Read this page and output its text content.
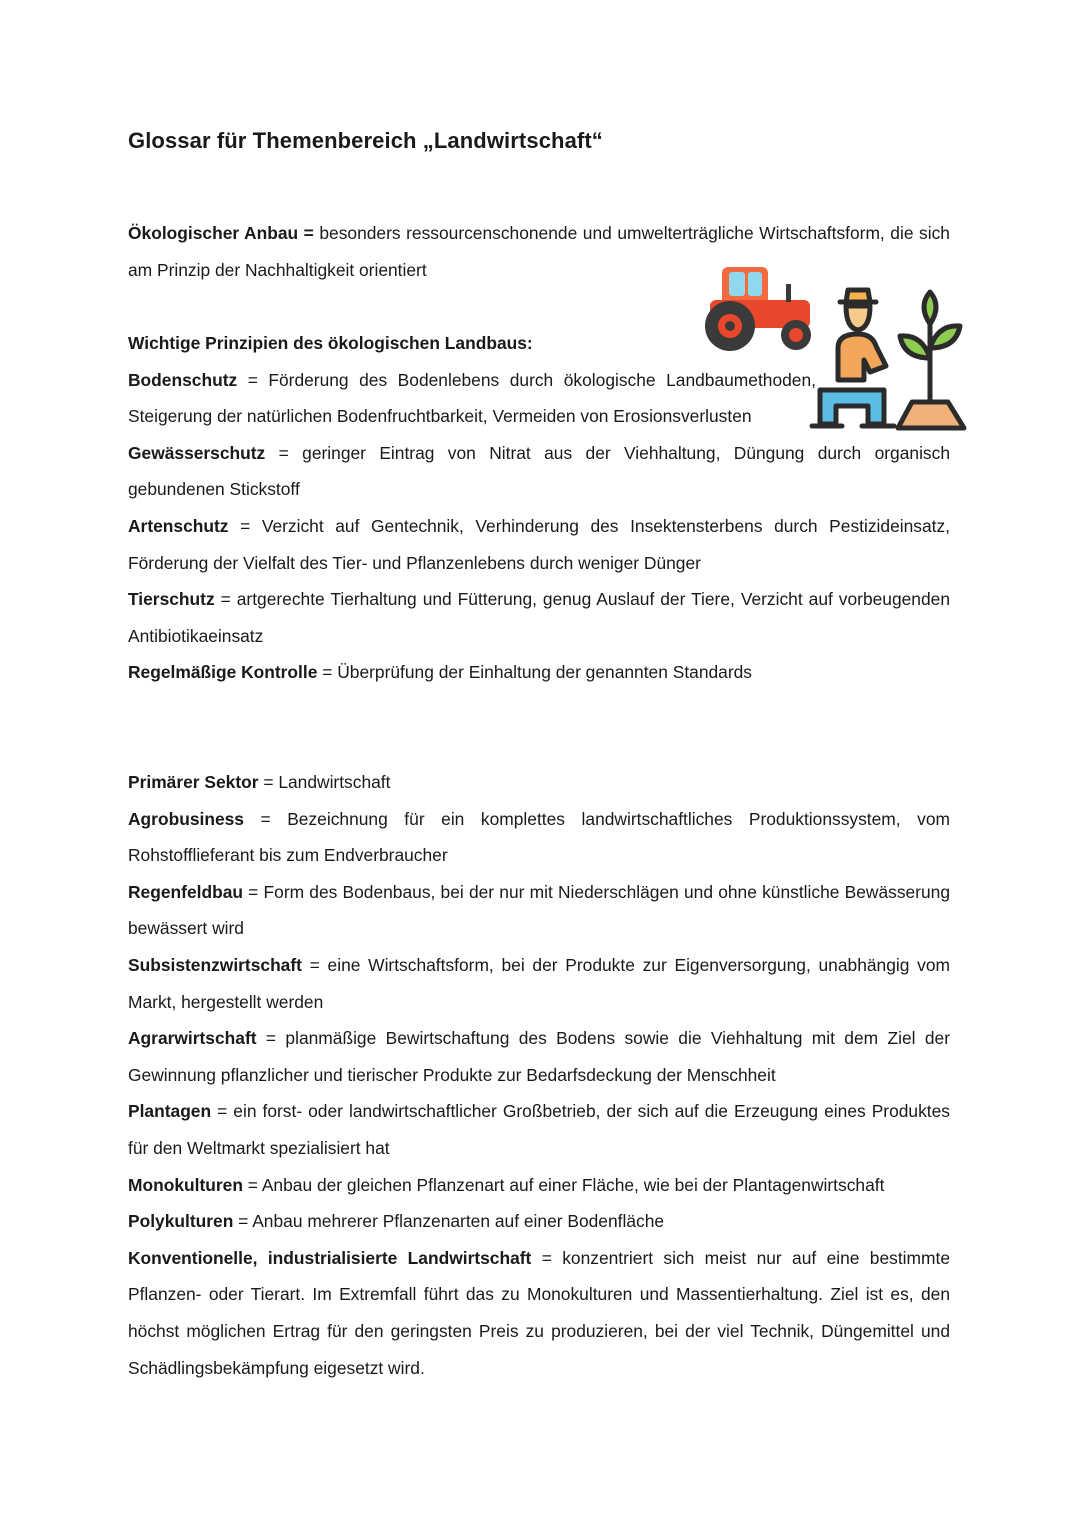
Glossar für Themenbereich „Landwirtschaft“

Ökologischer Anbau = besonders ressourcenschonende und umwelterträgliche Wirtschaftsform, die sich am Prinzip der Nachhaltigkeit orientiert

Wichtige Prinzipien des ökologischen Landbaus:

Bodenschutz = Förderung des Bodenlebens durch ökologische Landbaumethoden, Steigerung der natürlichen Bodenfruchtbarkeit, Vermeiden von Erosionsverlusten

Gewässerschutz = geringer Eintrag von Nitrat aus der Viehhaltung, Düngung durch organisch gebundenen Stickstoff

Artenschutz = Verzicht auf Gentechnik, Verhinderung des Insektensterbens durch Pestizideinsatz, Förderung der Vielfalt des Tier- und Pflanzenlebens durch weniger Dünger

Tierschutz = artgerechte Tierhaltung und Fütterung, genug Auslauf der Tiere, Verzicht auf vorbeugenden Antibiotikaeinsatz

Regelmäßige Kontrolle = Überprüfung der Einhaltung der genannten Standards

Primärer Sektor = Landwirtschaft

Agrobusiness = Bezeichnung für ein komplettes landwirtschaftliches Produktionssystem, vom Rohstofflieferant bis zum Endverbraucher

Regenfeldbau = Form des Bodenbaus, bei der nur mit Niederschlägen und ohne künstliche Bewässerung bewässert wird

Subsistenzwirtschaft = eine Wirtschaftsform, bei der Produkte zur Eigenversorgung, unabhängig vom Markt, hergestellt werden

Agrarwirtschaft = planmäßige Bewirtschaftung des Bodens sowie die Viehhaltung mit dem Ziel der Gewinnung pflanzlicher und tierischer Produkte zur Bedarfsdeckung der Menschheit

Plantagen = ein forst- oder landwirtschaftlicher Großbetrieb, der sich auf die Erzeugung eines Produktes für den Weltmarkt spezialisiert hat

Monokulturen = Anbau der gleichen Pflanzenart auf einer Fläche, wie bei der Plantagenwirtschaft

Polykulturen = Anbau mehrerer Pflanzenarten auf einer Bodenfläche

Konventionelle, industrialisierte Landwirtschaft = konzentriert sich meist nur auf eine bestimmte Pflanzen- oder Tierart. Im Extremfall führt das zu Monokulturen und Massentierhaltung. Ziel ist es, den höchst möglichen Ertrag für den geringsten Preis zu produzieren, bei der viel Technik, Düngemittel und Schädlingsbekämpfung eigesetzt wird.
